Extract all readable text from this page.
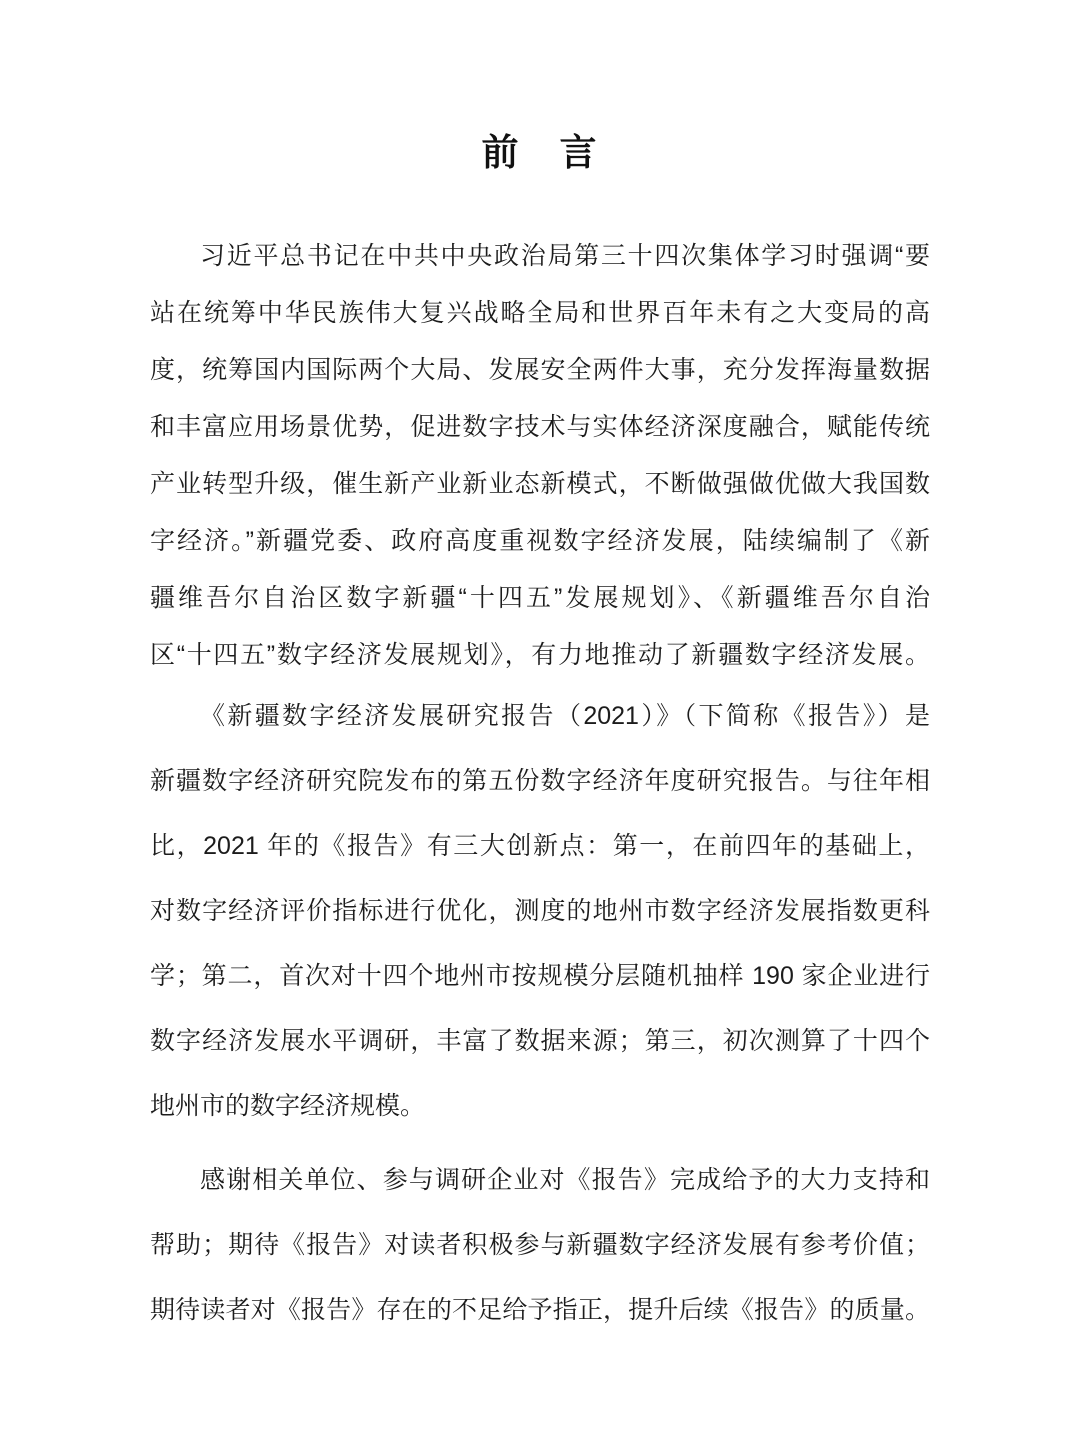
前　言
习近平总书记在中共中央政治局第三十四次集体学习时强调“要
站在统筹中华民族伟大复兴战略全局和世界百年未有之大变局的高
度，统筹国内国际两个大局、发展安全两件大事，充分发挥海量数据
和丰富应用场景优势，促进数字技术与实体经济深度融合，赋能传统
产业转型升级，催生新产业新业态新模式，不断做强做优做大我国数
字经济。”新疆党委、政府高度重视数字经济发展，陆续编制了《新
疆维吾尔自治区数字新疆“十四五”发展规划》、《新疆维吾尔自治
区“十四五”数字经济发展规划》，有力地推动了新疆数字经济发展。
《新疆数字经济发展研究报告（2021）》（下简称《报告》）是
新疆数字经济研究院发布的第五份数字经济年度研究报告。与往年相
比，2021 年的《报告》有三大创新点：第一，在前四年的基础上，
对数字经济评价指标进行优化，测度的地州市数字经济发展指数更科
学；第二，首次对十四个地州市按规模分层随机抽样 190 家企业进行
数字经济发展水平调研，丰富了数据来源；第三，初次测算了十四个
地州市的数字经济规模。
感谢相关单位、参与调研企业对《报告》完成给予的大力支持和
帮助；期待《报告》对读者积极参与新疆数字经济发展有参考价值；
期待读者对《报告》存在的不足给予指正，提升后续《报告》的质量。
